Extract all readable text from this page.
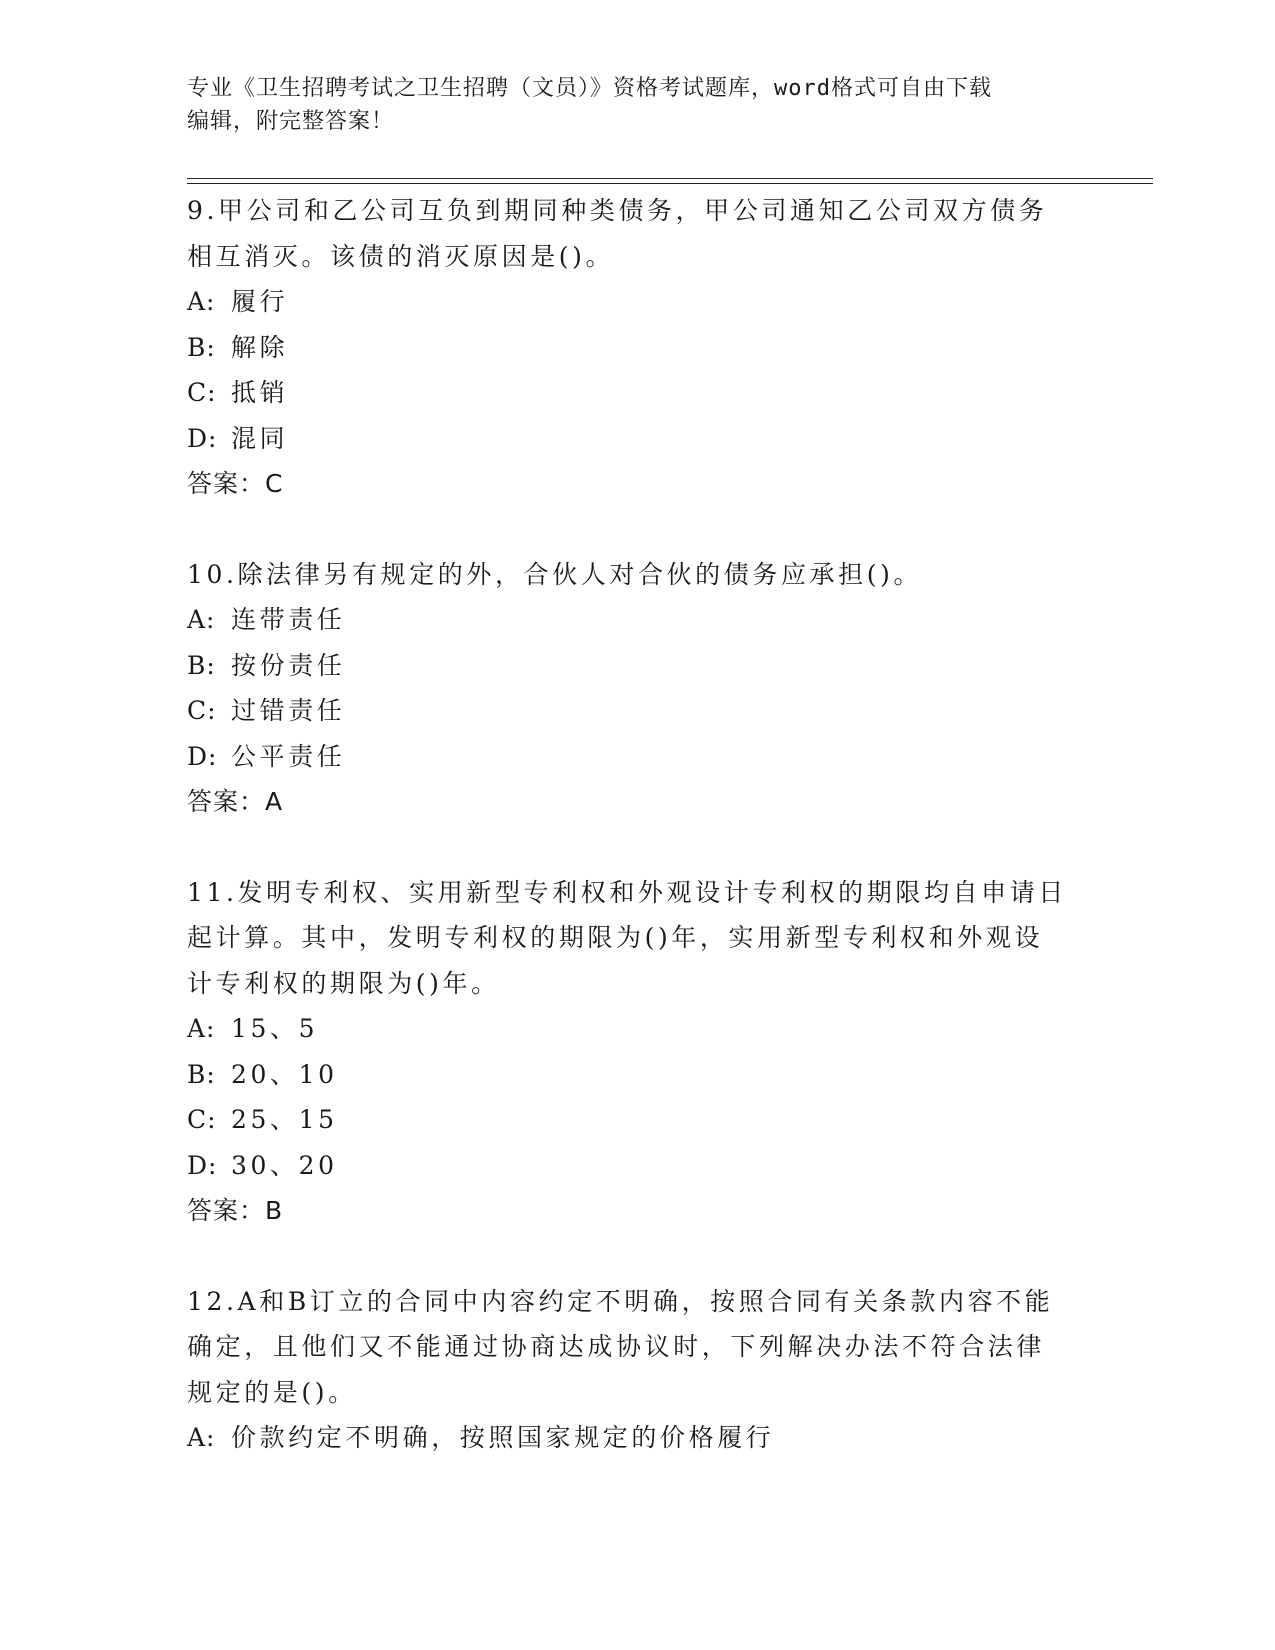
专业《卫生招聘考试之卫生招聘（文员）》资格考试题库，word格式可自由下载
编辑，附完整答案！
9.甲公司和乙公司互负到期同种类债务，甲公司通知乙公司双方债务
相互消灭。该债的消灭原因是()。
A: 履行
B: 解除
C: 抵销
D: 混同
答案：C
10.除法律另有规定的外，合伙人对合伙的债务应承担()。
A: 连带责任
B: 按份责任
C: 过错责任
D: 公平责任
答案：A
11.发明专利权、实用新型专利权和外观设计专利权的期限均自申请日
起计算。其中，发明专利权的期限为()年，实用新型专利权和外观设
计专利权的期限为()年。
A: 15、5
B: 20、10
C: 25、15
D: 30、20
答案：B
12.A和B订立的合同中内容约定不明确，按照合同有关条款内容不能
确定，且他们又不能通过协商达成协议时，下列解决办法不符合法律
规定的是()。
A: 价款约定不明确，按照国家规定的价格履行
